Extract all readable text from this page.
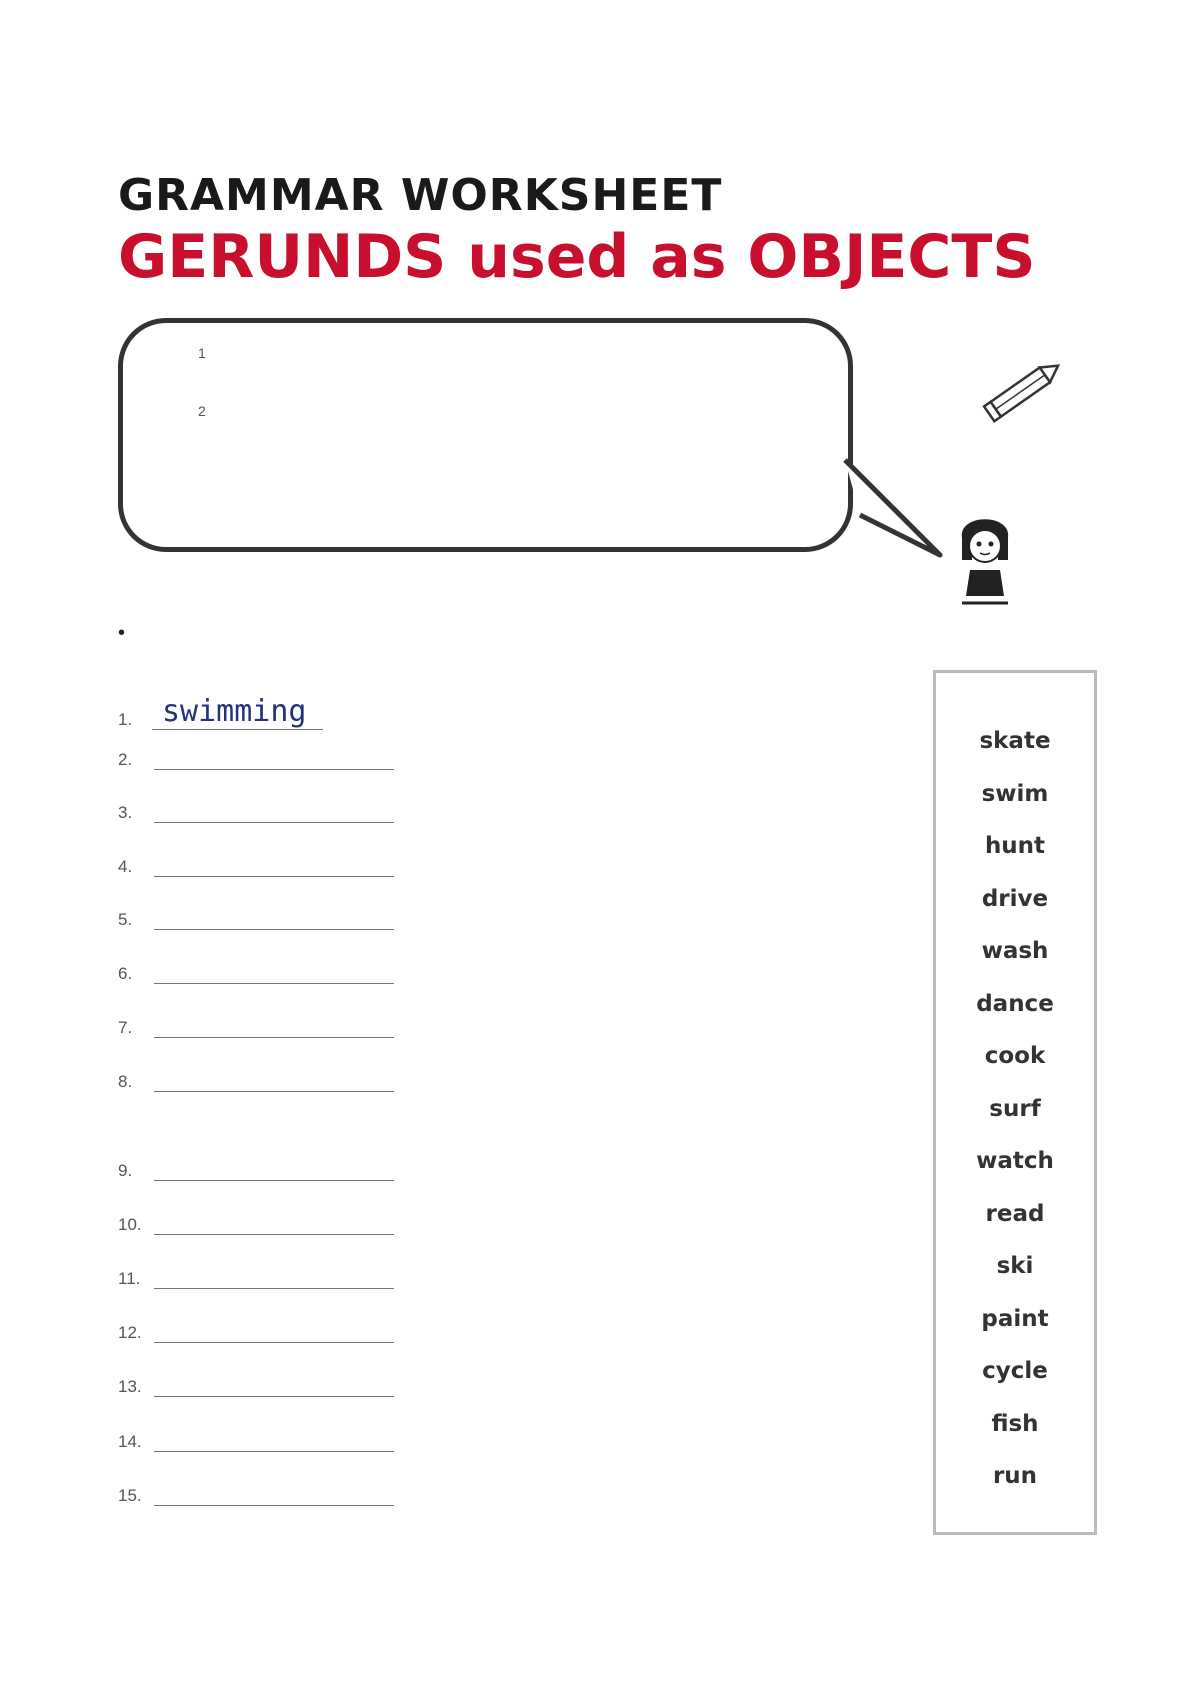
GRAMMAR WORKSHEET
GERUNDS used as OBJECTS
1
2
•
1. swimming
2.
3.
4.
5.
6.
7.
8.
9.
10.
11.
12.
13.
14.
15.
skate
swim
hunt
drive
wash
dance
cook
surf
watch
read
ski
paint
cycle
fish
run
